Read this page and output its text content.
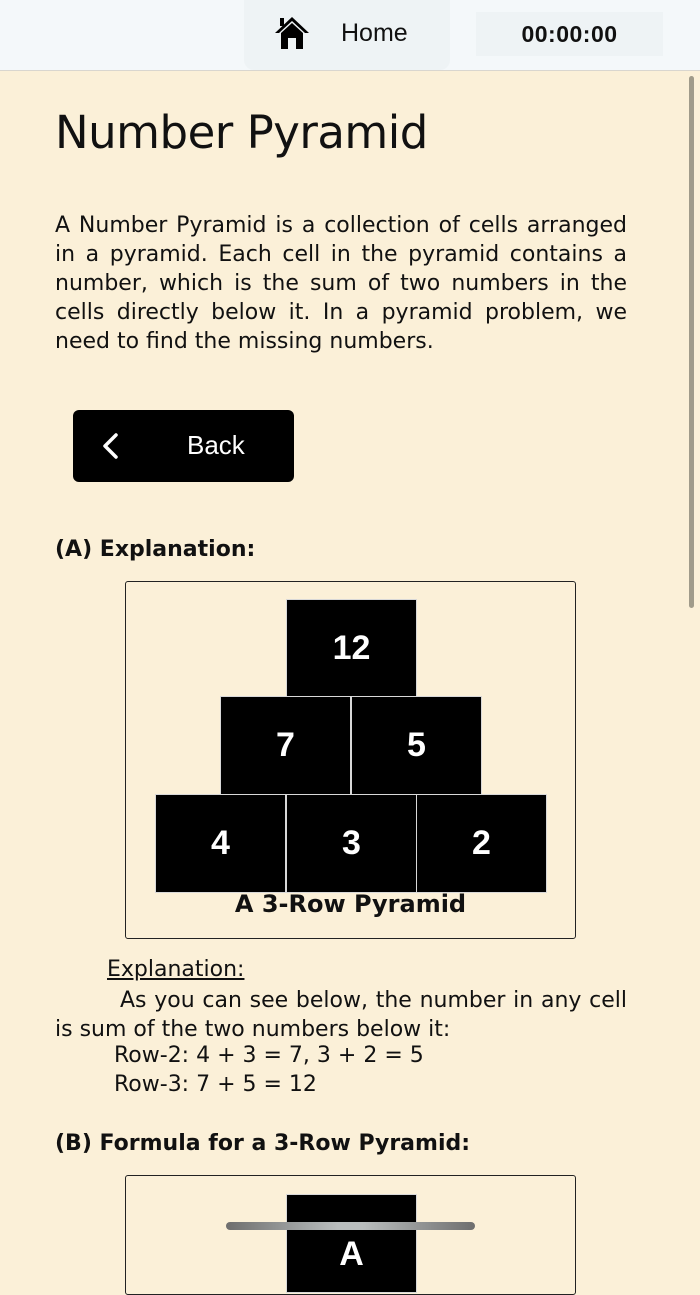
Home	00:00:00
Number Pyramid

A Number Pyramid is a collection of cells arranged in a pyramid. Each cell in the pyramid contains a number, which is the sum of two numbers in the cells directly below it. In a pyramid problem, we need to find the missing numbers.

Back
(A) Explanation:
12
7	5
4	3	2
A 3-Row Pyramid
Explanation:

As you can see below, the number in any cell is sum of the two numbers below it:

Row-2: 4 + 3 = 7, 3 + 2 = 5
Row-3: 7 + 5 = 12
(B) Formula for a 3-Row Pyramid:
A
